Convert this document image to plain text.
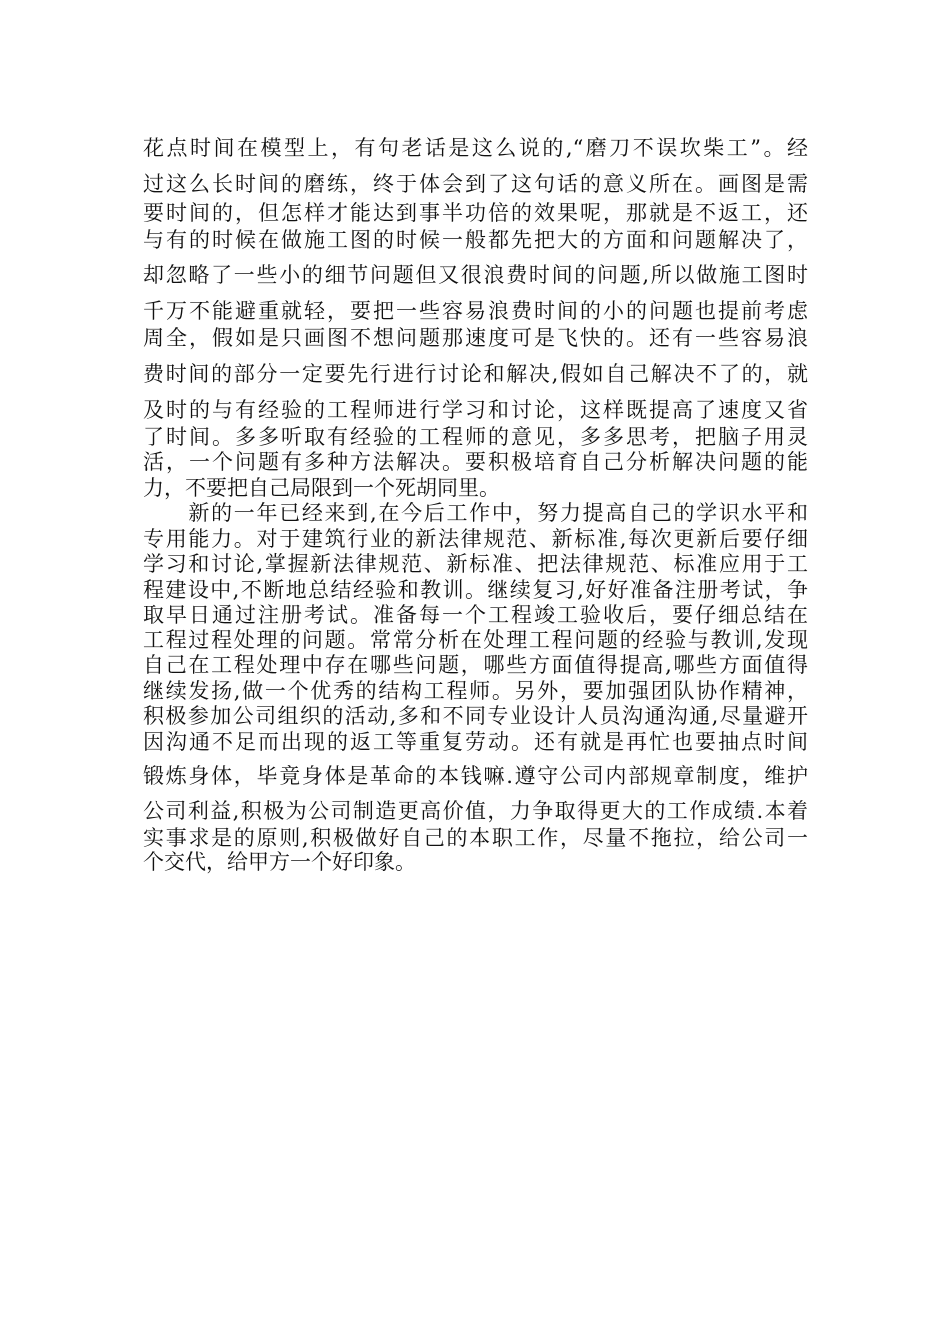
花点时间在模型上，有句老话是这么说的,“磨刀不误坎柴工”。经
过这么长时间的磨练，终于体会到了这句话的意义所在。画图是需
要时间的，但怎样才能达到事半功倍的效果呢，那就是不返工，还
与有的时候在做施工图的时候一般都先把大的方面和问题解决了，
却忽略了一些小的细节问题但又很浪费时间的问题,所以做施工图时
千万不能避重就轻，要把一些容易浪费时间的小的问题也提前考虑
周全，假如是只画图不想问题那速度可是飞快的。还有一些容易浪
费时间的部分一定要先行进行讨论和解决,假如自己解决不了的，就
及时的与有经验的工程师进行学习和讨论，这样既提高了速度又省
了时间。多多听取有经验的工程师的意见，多多思考，把脑子用灵
活，一个问题有多种方法解决。要积极培育自己分析解决问题的能
力，不要把自己局限到一个死胡同里。
　　新的一年已经来到,在今后工作中，努力提高自己的学识水平和
专用能力。对于建筑行业的新法律规范、新标准,每次更新后要仔细
学习和讨论,掌握新法律规范、新标准、把法律规范、标准应用于工
程建设中,不断地总结经验和教训。继续复习,好好准备注册考试，争
取早日通过注册考试。准备每一个工程竣工验收后，要仔细总结在
工程过程处理的问题。常常分析在处理工程问题的经验与教训,发现
自己在工程处理中存在哪些问题，哪些方面值得提高,哪些方面值得
继续发扬,做一个优秀的结构工程师。另外，要加强团队协作精神，
积极参加公司组织的活动,多和不同专业设计人员沟通沟通,尽量避开
因沟通不足而出现的返工等重复劳动。还有就是再忙也要抽点时间
锻炼身体，毕竟身体是革命的本钱嘛.遵守公司内部规章制度，维护
公司利益,积极为公司制造更高价值，力争取得更大的工作成绩.本着
实事求是的原则,积极做好自己的本职工作，尽量不拖拉，给公司一
个交代，给甲方一个好印象。
